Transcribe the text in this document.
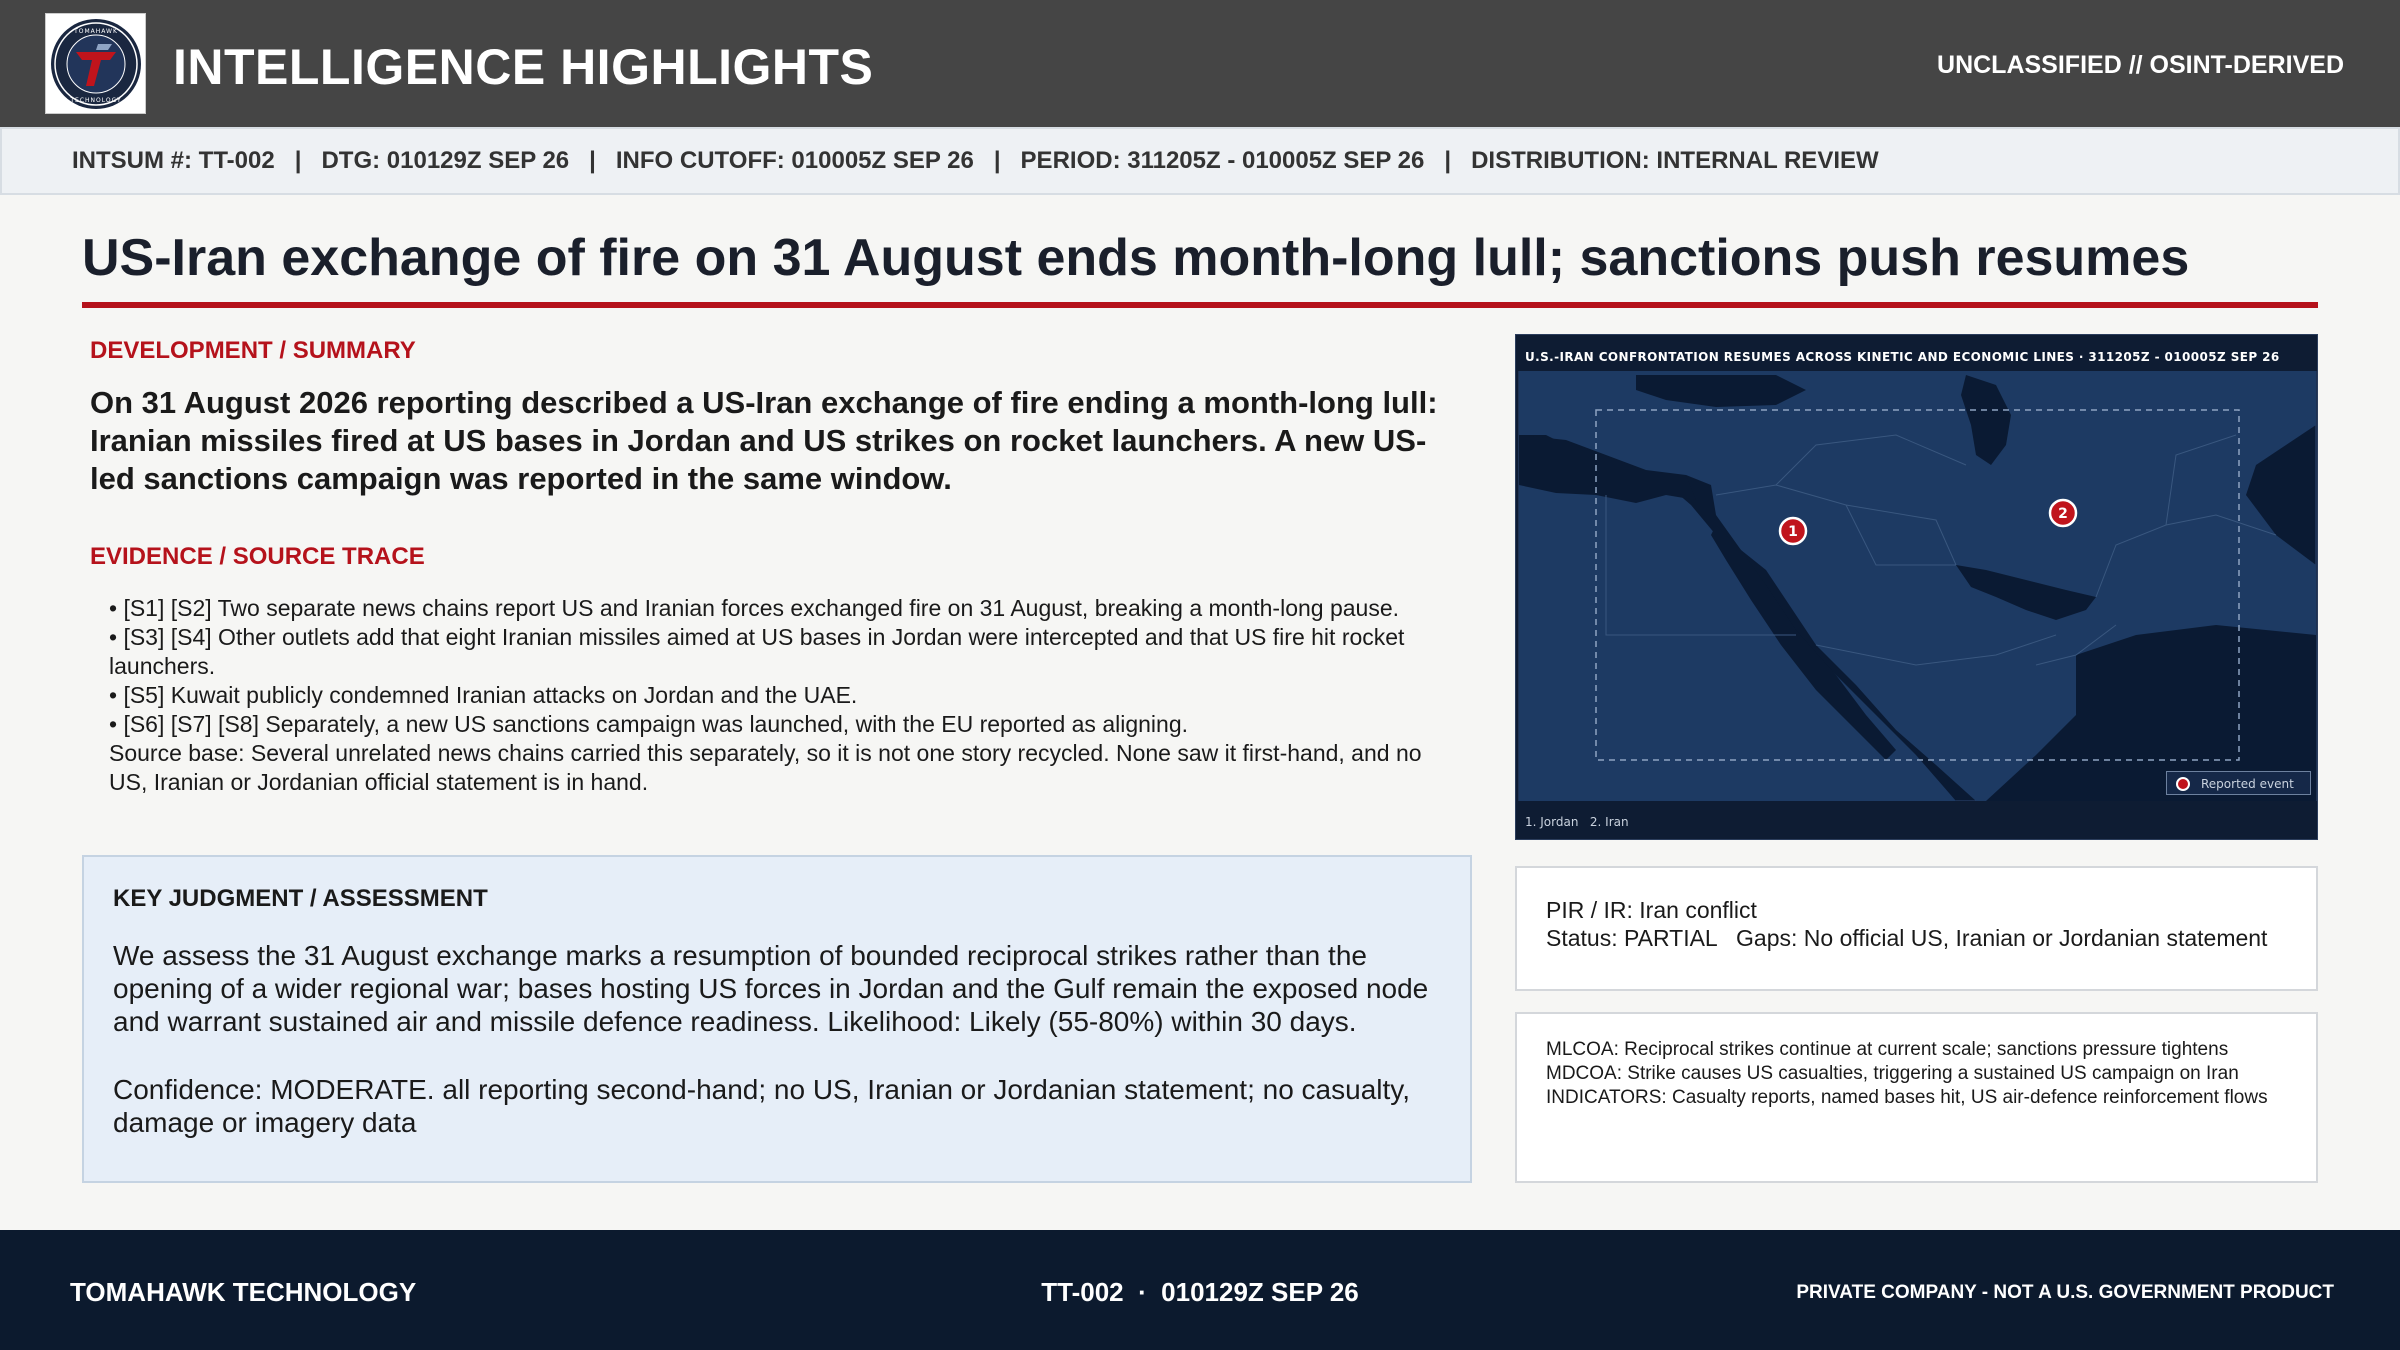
TOMAHAWK
TECHNOLOGY
INTELLIGENCE HIGHLIGHTS	UNCLASSIFIED // OSINT-DERIVED
INTSUM #: TT-002
|
DTG: 010129Z SEP 26
|
INFO CUTOFF: 010005Z SEP 26
|
PERIOD: 311205Z - 010005Z SEP 26
|
DISTRIBUTION: INTERNAL REVIEW
US-Iran exchange of fire on 31 August ends month-long lull; sanctions push resumes
DEVELOPMENT / SUMMARY
On 31 August 2026 reporting described a US-Iran exchange of fire ending a month-long lull: Iranian missiles fired at US bases in Jordan and US strikes on rocket launchers. A new US-led sanctions campaign was reported in the same window.
EVIDENCE / SOURCE TRACE
• [S1] [S2] Two separate news chains report US and Iranian forces exchanged fire on 31 August, breaking a month-long pause.
• [S3] [S4] Other outlets add that eight Iranian missiles aimed at US bases in Jordan were intercepted and that US fire hit rocket launchers.
• [S5] Kuwait publicly condemned Iranian attacks on Jordan and the UAE.
• [S6] [S7] [S8] Separately, a new US sanctions campaign was launched, with the EU reported as aligning.
Source base: Several unrelated news chains carried this separately, so it is not one story recycled. None saw it first-hand, and no US, Iranian or Jordanian official statement is in hand.
KEY JUDGMENT / ASSESSMENT
We assess the 31 August exchange marks a resumption of bounded reciprocal strikes rather than the opening of a wider regional war; bases hosting US forces in Jordan and the Gulf remain the exposed node and warrant sustained air and missile defence readiness. Likelihood: Likely (55-80%) within 30 days.
Confidence: MODERATE. all reporting second-hand; no US, Iranian or Jordanian statement; no casualty, damage or imagery data
1
2
U.S.-IRAN CONFRONTATION RESUMES ACROSS KINETIC AND ECONOMIC LINES · 311205Z - 010005Z SEP 26
Reported event
1. Jordan   2. Iran
PIR / IR: Iran conflict
Status: PARTIAL   Gaps: No official US, Iranian or Jordanian statement
MLCOA: Reciprocal strikes continue at current scale; sanctions pressure tightens
MDCOA: Strike causes US casualties, triggering a sustained US campaign on Iran
INDICATORS: Casualty reports, named bases hit, US air-defence reinforcement flows
TOMAHAWK TECHNOLOGY	TT-002  ·  010129Z SEP 26	PRIVATE COMPANY - NOT A U.S. GOVERNMENT PRODUCT
